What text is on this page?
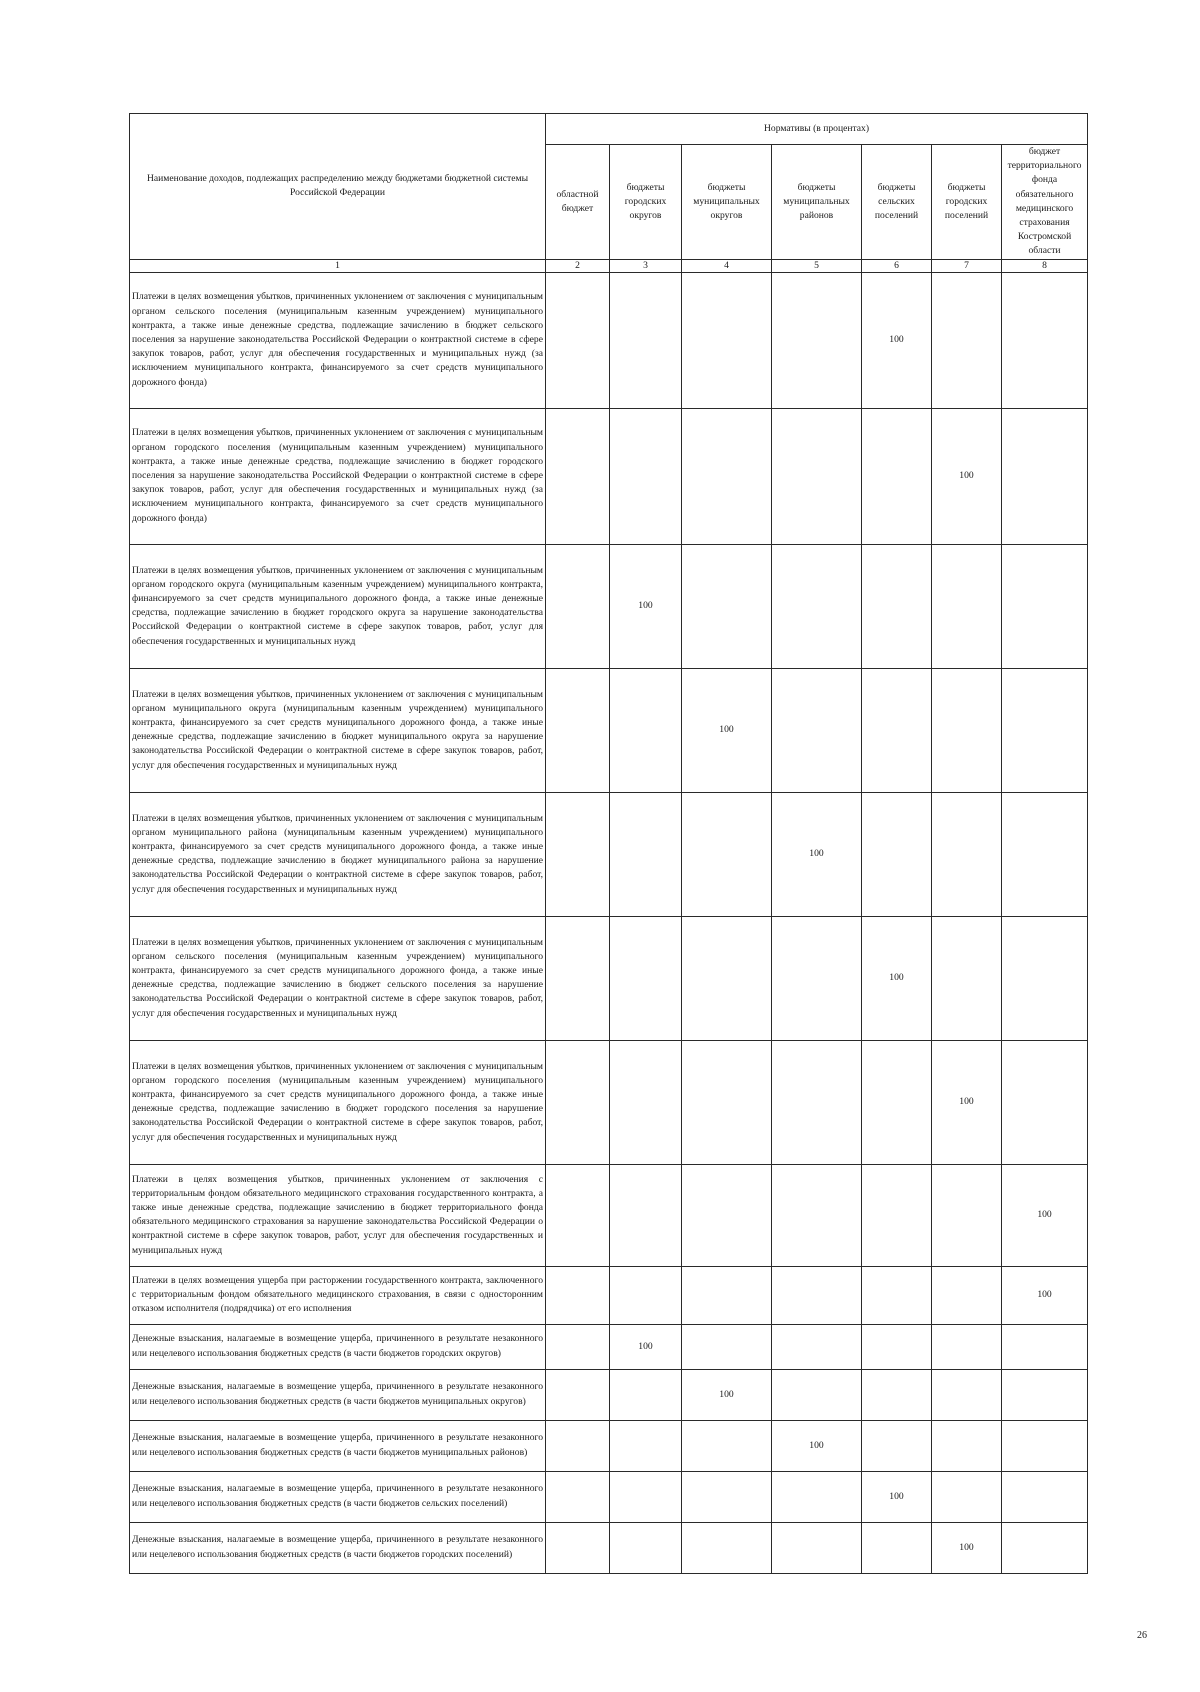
Наименование доходов, подлежащих распределению между бюджетами бюджетной системы Российской Федерации	Нормативы (в процентах)						
	областной бюджет	бюджеты городских округов	бюджеты муниципальных округов	бюджеты муниципальных районов	бюджеты сельских поселений	бюджеты городских поселений	бюджет территориального фонда обязательного медицинского страхования Костромской области
1	2	3	4	5	6	7	8
Платежи в целях возмещения убытков, причиненных уклонением от заключения с муниципальным органом сельского поселения (муниципальным казенным учреждением) муниципального контракта, а также иные денежные средства, подлежащие зачислению в бюджет сельского поселения за нарушение законодательства Российской Федерации о контрактной системе в сфере закупок товаров, работ, услуг для обеспечения государственных и муниципальных нужд (за исключением муниципального контракта, финансируемого за счет средств муниципального дорожного фонда)					100		
Платежи в целях возмещения убытков, причиненных уклонением от заключения с муниципальным органом городского поселения (муниципальным казенным учреждением) муниципального контракта, а также иные денежные средства, подлежащие зачислению в бюджет городского поселения за нарушение законодательства Российской Федерации о контрактной системе в сфере закупок товаров, работ, услуг для обеспечения государственных и муниципальных нужд (за исключением муниципального контракта, финансируемого за счет средств муниципального дорожного фонда)						100	
Платежи в целях возмещения убытков, причиненных уклонением от заключения с муниципальным органом городского округа (муниципальным казенным учреждением) муниципального контракта, финансируемого за счет средств муниципального дорожного фонда, а также иные денежные средства, подлежащие зачислению в бюджет городского округа за нарушение законодательства Российской Федерации о контрактной системе в сфере закупок товаров, работ, услуг для обеспечения государственных и муниципальных нужд		100					
Платежи в целях возмещения убытков, причиненных уклонением от заключения с муниципальным органом муниципального округа (муниципальным казенным учреждением) муниципального контракта, финансируемого за счет средств муниципального дорожного фонда, а также иные денежные средства, подлежащие зачислению в бюджет муниципального округа за нарушение законодательства Российской Федерации о контрактной системе в сфере закупок товаров, работ, услуг для обеспечения государственных и муниципальных нужд			100				
Платежи в целях возмещения убытков, причиненных уклонением от заключения с муниципальным органом муниципального района (муниципальным казенным учреждением) муниципального контракта, финансируемого за счет средств муниципального дорожного фонда, а также иные денежные средства, подлежащие зачислению в бюджет муниципального района за нарушение законодательства Российской Федерации о контрактной системе в сфере закупок товаров, работ, услуг для обеспечения государственных и муниципальных нужд				100			
Платежи в целях возмещения убытков, причиненных уклонением от заключения с муниципальным органом сельского поселения (муниципальным казенным учреждением) муниципального контракта, финансируемого за счет средств муниципального дорожного фонда, а также иные денежные средства, подлежащие зачислению в бюджет сельского поселения за нарушение законодательства Российской Федерации о контрактной системе в сфере закупок товаров, работ, услуг для обеспечения государственных и муниципальных нужд					100		
Платежи в целях возмещения убытков, причиненных уклонением от заключения с муниципальным органом городского поселения (муниципальным казенным учреждением) муниципального контракта, финансируемого за счет средств муниципального дорожного фонда, а также иные денежные средства, подлежащие зачислению в бюджет городского поселения за нарушение законодательства Российской Федерации о контрактной системе в сфере закупок товаров, работ, услуг для обеспечения государственных и муниципальных нужд						100	
Платежи в целях возмещения убытков, причиненных уклонением от заключения с территориальным фондом обязательного медицинского страхования государственного контракта, а также иные денежные средства, подлежащие зачислению в бюджет территориального фонда обязательного медицинского страхования за нарушение законодательства Российской Федерации о контрактной системе в сфере закупок товаров, работ, услуг для обеспечения государственных и муниципальных нужд							100
Платежи в целях возмещения ущерба при расторжении государственного контракта, заключенного с территориальным фондом обязательного медицинского страхования, в связи с односторонним отказом исполнителя (подрядчика) от его исполнения							100
Денежные взыскания, налагаемые в возмещение ущерба, причиненного в результате незаконного или нецелевого использования бюджетных средств (в части бюджетов городских округов)		100					
Денежные взыскания, налагаемые в возмещение ущерба, причиненного в результате незаконного или нецелевого использования бюджетных средств (в части бюджетов муниципальных округов)			100				
Денежные взыскания, налагаемые в возмещение ущерба, причиненного в результате незаконного или нецелевого использования бюджетных средств (в части бюджетов муниципальных районов)				100			
Денежные взыскания, налагаемые в возмещение ущерба, причиненного в результате незаконного или нецелевого использования бюджетных средств (в части бюджетов сельских поселений)					100		
Денежные взыскания, налагаемые в возмещение ущерба, причиненного в результате незаконного или нецелевого использования бюджетных средств (в части бюджетов городских поселений)						100	
26
